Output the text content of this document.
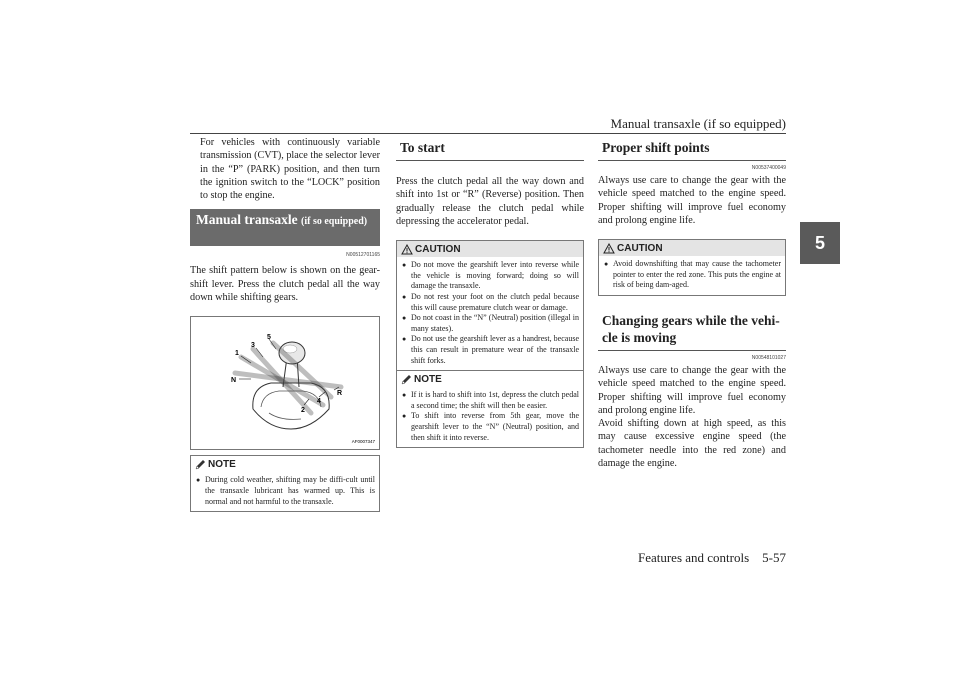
Manual transaxle (if so equipped)
5
Features and controls    5-57

For vehicles with continuously variable transmission (CVT), place the selector lever in the “P” (PARK) position, and then turn the ignition switch to the “LOCK” position to stop the engine.

Manual transaxle (if so equipped)
N00512701165

The shift pattern below is shown on the gear-shift lever. Press the clutch pedal all the way down while shifting gears.

1
3
5
N
2
4
R
AF0007347
NOTE
● During cold weather, shifting may be diffi-cult until the transaxle lubricant has warmed up. This is normal and not harmful to the transaxle.
To start

Press the clutch pedal all the way down and shift into 1st or “R” (Reverse) position. Then gradually release the clutch pedal while depressing the accelerator pedal.

CAUTION
● Do not move the gearshift lever into reverse while the vehicle is moving forward; doing so will damage the transaxle.
● Do not rest your foot on the clutch pedal because this will cause premature clutch wear or damage.
● Do not coast in the “N” (Neutral) position (illegal in many states).
● Do not use the gearshift lever as a handrest, because this can result in premature wear of the transaxle shift forks.
NOTE
● If it is hard to shift into 1st, depress the clutch pedal a second time; the shift will then be easier.
● To shift into reverse from 5th gear, move the gearshift lever to the “N” (Neutral) position, and then shift it into reverse.
Proper shift points
N00537400049

Always use care to change the gear with the vehicle speed matched to the engine speed. Proper shifting will improve fuel economy and prolong engine life.

CAUTION
● Avoid downshifting that may cause the tachometer pointer to enter the red zone. This puts the engine at risk of being dam-aged.
Changing gears while the vehi-cle is moving
N00548101027

Always use care to change the gear with the vehicle speed matched to the engine speed. Proper shifting will improve fuel economy and prolong engine life.
Avoid shifting down at high speed, as this may cause excessive engine speed (the tachometer needle into the red zone) and damage the engine.
